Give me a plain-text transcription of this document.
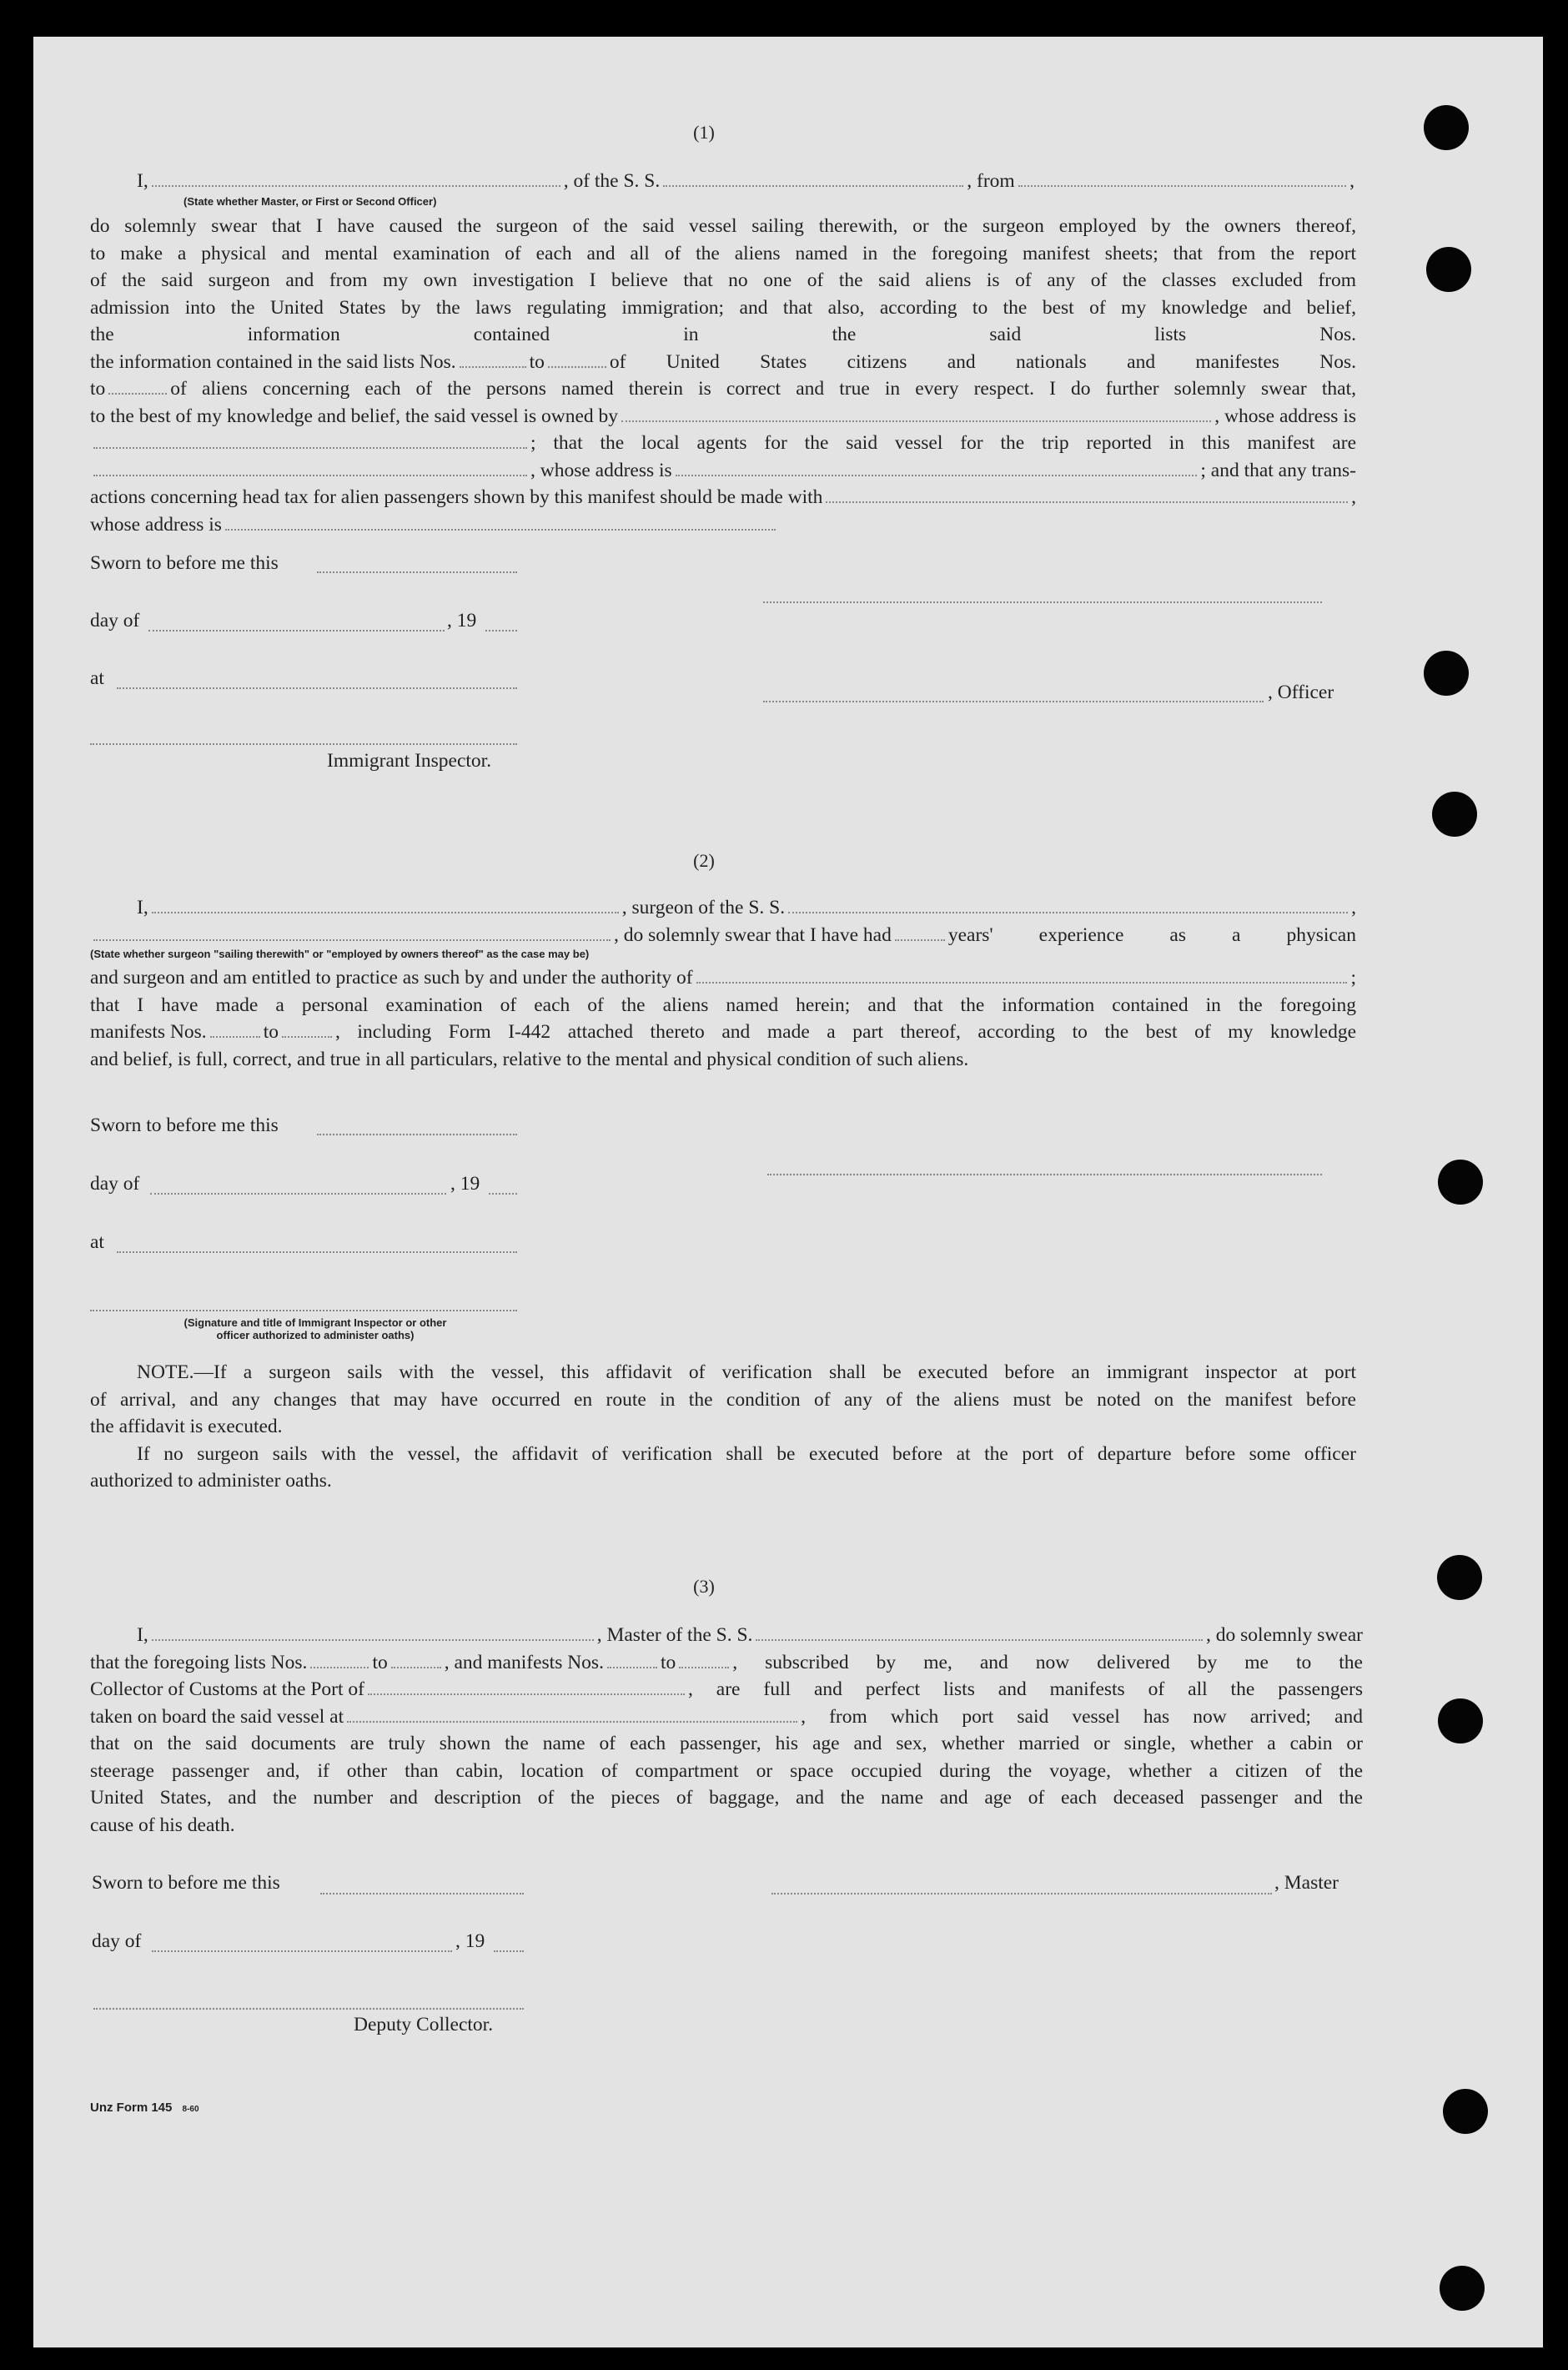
(1)
I,	, of the S. S.	, from	,
(State whether Master, or First or Second Officer)
do solemnly swear that I have caused the surgeon of the said vessel sailing therewith, or the surgeon employed by the owners thereof,
to make a physical and mental examination of each and all of the aliens named in the foregoing manifest sheets; that from the report
of the said surgeon and from my own investigation I believe that no one of the said aliens is of any of the classes excluded from
admission into the United States by the laws regulating immigration; and that also, according to the best of my knowledge and belief,
the information contained in the said lists Nos.
the information contained in the said lists Nos.	to	of United States citizens and nationals and manifestes Nos.
to	of aliens concerning each of the persons named therein is correct and true in every respect. I do further solemnly swear that,
to the best of my knowledge and belief, the said vessel is owned by	, whose address is
; that the local agents for the said vessel for the trip reported in this manifest are
, whose address is	; and that any trans-
actions concerning head tax for alien passengers shown by this manifest should be made with	,
whose address is
Sworn to before me this
day of	, 19
at
, Officer
Immigrant Inspector.
(2)
I,	, surgeon of the S. S.	,
, do solemnly swear that I have had	years' experience as a physican
(State whether surgeon "sailing therewith" or "employed by owners thereof" as the case may be)
and surgeon and am entitled to practice as such by and under the authority of	;
that I have made a personal examination of each of the aliens named herein; and that the information contained in the foregoing
manifests Nos.	to	, including Form I-442 attached thereto and made a part thereof, according to the best of my knowledge
and belief, is full, correct, and true in all particulars, relative to the mental and physical condition of such aliens.
Sworn to before me this
day of	, 19
at
(Signature and title of Immigrant Inspector or other
officer authorized to administer oaths)
NOTE.—If a surgeon sails with the vessel, this affidavit of verification shall be executed before an immigrant inspector at port
of arrival, and any changes that may have occurred en route in the condition of any of the aliens must be noted on the manifest before
the affidavit is executed.
If no surgeon sails with the vessel, the affidavit of verification shall be executed before at the port of departure before some officer
authorized to administer oaths.
(3)
I,	, Master of the S. S.	, do solemnly swear
that the foregoing lists Nos.	to	, and manifests Nos.	to	, subscribed by me, and now delivered by me to the
Collector of Customs at the Port of	, are full and perfect lists and manifests of all the passengers
taken on board the said vessel at	, from which port said vessel has now arrived; and
that on the said documents are truly shown the name of each passenger, his age and sex, whether married or single, whether a cabin or
steerage passenger and, if other than cabin, location of compartment or space occupied during the voyage, whether a citizen of the
United States, and the number and description of the pieces of baggage, and the name and age of each deceased passenger and the
cause of his death.
Sworn to before me this	, Master
day of	, 19
Deputy Collector.
Unz Form 145 8-60
